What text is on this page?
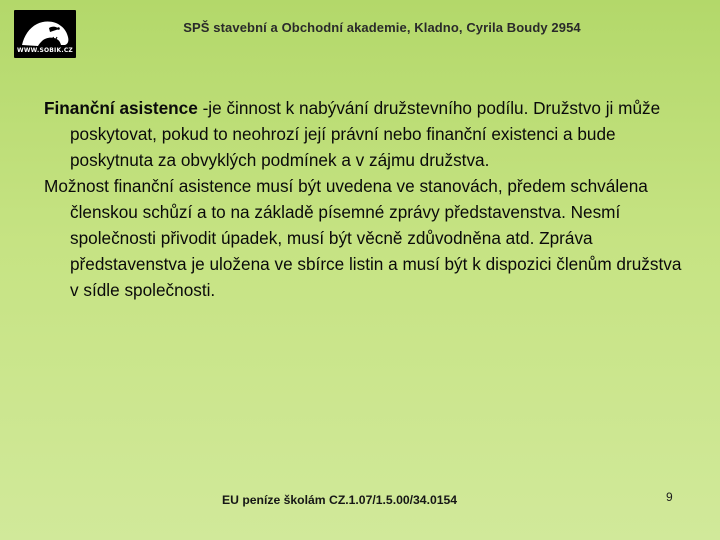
WWW.SOBIK.CZ
SPŠ stavební a Obchodní akademie, Kladno, Cyrila Boudy 2954

Finanční asistence -je činnost k nabývání družstevního podílu. Družstvo ji může poskytovat, pokud to neohrozí její právní nebo finanční existenci a bude poskytnuta za obvyklých podmínek a v zájmu družstva.

Možnost finanční asistence musí být uvedena ve stanovách, předem schválena členskou schůzí a to na základě písemné zprávy představenstva. Nesmí společnosti přivodit úpadek, musí být věcně zdůvodněna atd. Zpráva představenstva je uložena ve sbírce listin a musí být k dispozici členům družstva v sídle společnosti.

EU peníze školám CZ.1.07/1.5.00/34.0154	9
